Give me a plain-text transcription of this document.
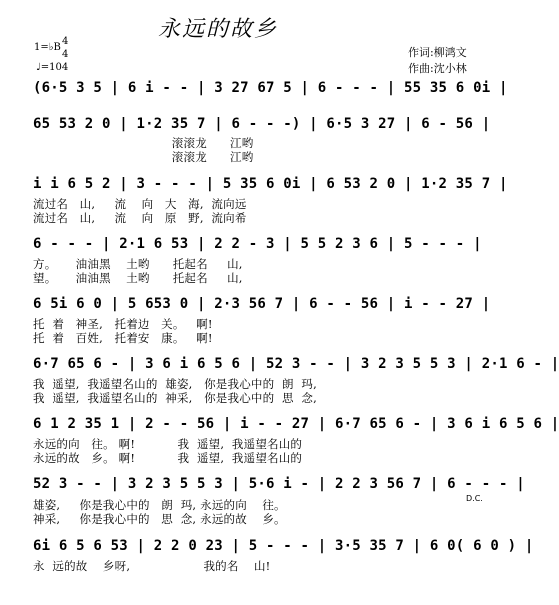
永远的故乡
作词:柳鸿文
作曲:沈小林
1=♭B
4
4
♩=104
(6·5 3 5 | 6 i - - | 3 27 67 5 | 6 - - - | 55 35 6 0i |
65 53 2 0 | 1·2 35 7 | 6 - - -) | 6·5 3 27 | 6 - 56 |
滚滚龙      江哟
滚滚龙      江哟
i i 6 5 2 | 3 - - - | 5 35 6 0i | 6 53 2 0 | 1·2 35 7 |
流过名   山,     流    向   大   海,  流向远
流过名   山,     流    向   原   野,  流向希
6 - - - | 2·1 6 53 | 2 2 - 3 | 5 5 2 3 6 | 5 - - - |
方。     油油黑    土哟      托起名     山,
望。     油油黑    土哟      托起名     山,
6 5i 6 0 | 5 653 0 | 2·3 56 7 | 6 - - 56 | i - - 27 |
托  着   神圣,   托着边   关。   啊!
托  着   百姓,   托着安   康。   啊!
6·7 65 6 - | 3 6 i 6 5 6 | 52 3 - - | 3 2 3 5 5 3 | 2·1 6 - |
我  遥望,  我遥望名山的  雄姿,   你是我心中的  朗  玛,
我  遥望,  我遥望名山的  神采,   你是我心中的  思  念,
6 1 2 35 1 | 2 - - 56 | i - - 27 | 6·7 65 6 - | 3 6 i 6 5 6 |
永远的向   往。 啊!           我  遥望,  我遥望名山的
永远的故   乡。 啊!           我  遥望,  我遥望名山的
52 3 - - | 3 2 3 5 5 3 | 5·6 i - | 2 2 3 56 7 | 6 - - - |
雄姿,     你是我心中的   朗  玛, 永远的向    往。
神采,     你是我心中的   思  念, 永远的故    乡。
D.C.
6i 6 5 6 53 | 2 2 0 23 | 5 - - - | 3·5 35 7 | 6 0( 6 0 ) |
永  远的故    乡呀,                   我的名    山!
